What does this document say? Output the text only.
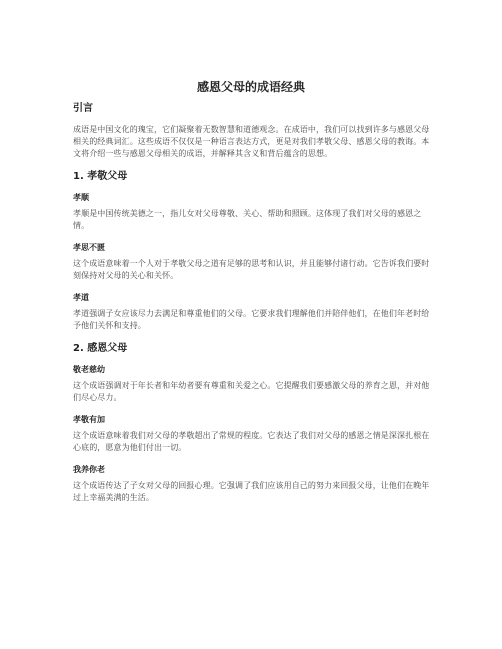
感恩父母的成语经典
引言
成语是中国文化的瑰宝，它们凝聚着无数智慧和道德观念。在成语中，我们可以找到许多与感恩父母相关的经典词汇。这些成语不仅仅是一种语言表达方式，更是对我们孝敬父母、感恩父母的教诲。本文将介绍一些与感恩父母相关的成语，并解释其含义和背后蕴含的思想。
1. 孝敬父母
孝顺
孝顺是中国传统美德之一，指儿女对父母尊敬、关心、帮助和照顾。这体现了我们对父母的感恩之情。
孝思不匮
这个成语意味着一个人对于孝敬父母之道有足够的思考和认识，并且能够付诸行动。它告诉我们要时刻保持对父母的关心和关怀。
孝道
孝道强调子女应该尽力去满足和尊重他们的父母。它要求我们理解他们并陪伴他们，在他们年老时给予他们关怀和支持。
2. 感恩父母
敬老慈幼
这个成语强调对于年长者和年幼者要有尊重和关爱之心。它提醒我们要感激父母的养育之恩，并对他们尽心尽力。
孝敬有加
这个成语意味着我们对父母的孝敬超出了常规的程度。它表达了我们对父母的感恩之情是深深扎根在心底的，愿意为他们付出一切。
我养你老
这个成语传达了子女对父母的回报心理。它强调了我们应该用自己的努力来回报父母，让他们在晚年过上幸福美满的生活。
